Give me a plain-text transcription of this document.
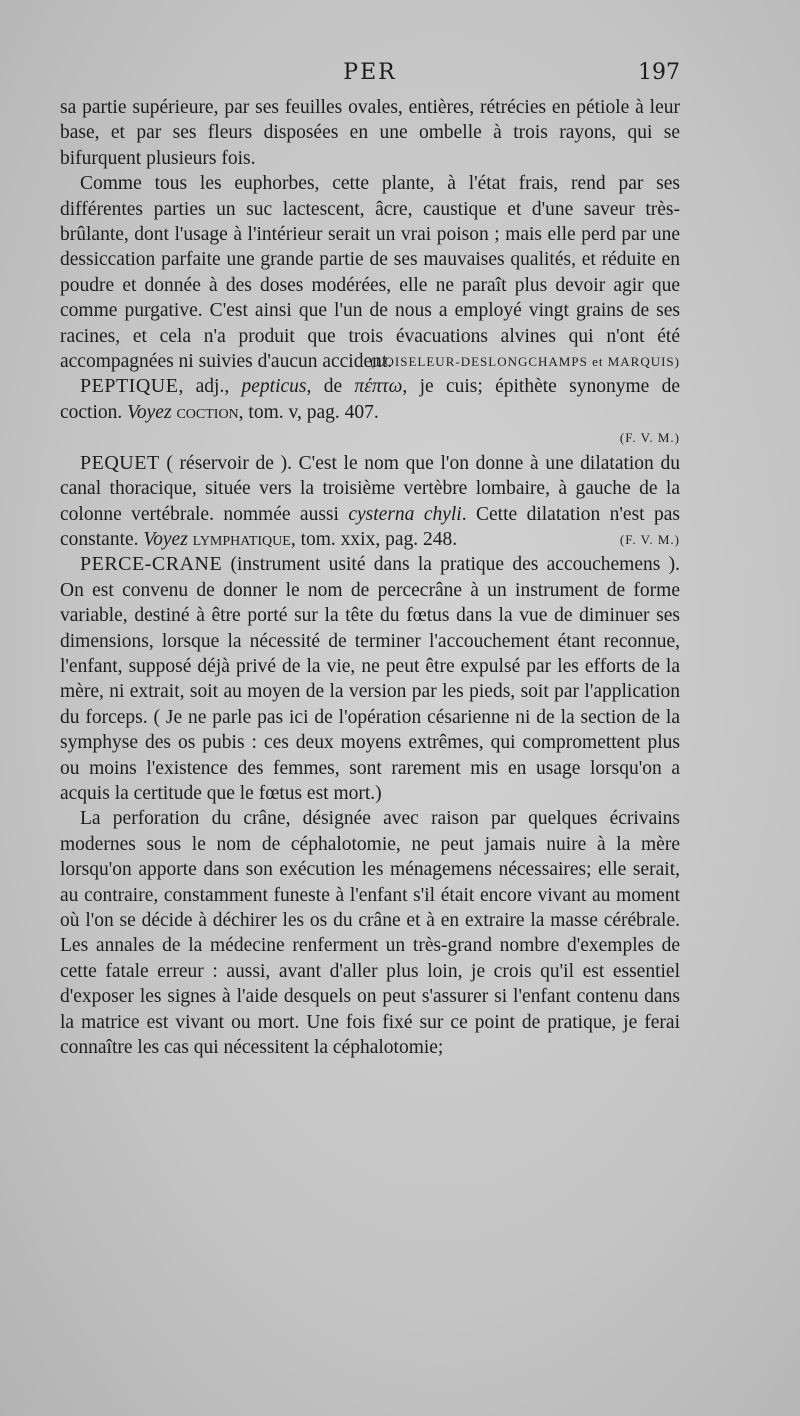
PER	197

sa partie supérieure, par ses feuilles ovales, entières, rétrécies en pétiole à leur base, et par ses fleurs disposées en une ombelle à trois rayons, qui se bifurquent plusieurs fois.

Comme tous les euphorbes, cette plante, à l'état frais, rend par ses différentes parties un suc lactescent, âcre, caustique et d'une saveur très-brûlante, dont l'usage à l'intérieur serait un vrai poison ; mais elle perd par une dessiccation parfaite une grande partie de ses mauvaises qualités, et réduite en poudre et donnée à des doses modérées, elle ne paraît plus devoir agir que comme purgative. C'est ainsi que l'un de nous a employé vingt grains de ses racines, et cela n'a produit que trois évacuations alvines qui n'ont été accompagnées ni suivies d'aucun accident.

(LOISELEUR-DESLONGCHAMPS et MARQUIS)

PEPTIQUE, adj., pepticus, de πέπτω, je cuis; épithète synonyme de coction. Voyez coction, tom. v, pag. 407.

(F. V. M.)

PEQUET ( réservoir de ). C'est le nom que l'on donne à une dilatation du canal thoracique, située vers la troisième vertèbre lombaire, à gauche de la colonne vertébrale. nommée aussi cysterna chyli. Cette dilatation n'est pas constante. Voyez lymphatique, tom. xxix, pag. 248.	(F. V. M.)

PERCE-CRANE (instrument usité dans la pratique des accouchemens ). On est convenu de donner le nom de percecrâne à un instrument de forme variable, destiné à être porté sur la tête du fœtus dans la vue de diminuer ses dimensions, lorsque la nécessité de terminer l'accouchement étant reconnue, l'enfant, supposé déjà privé de la vie, ne peut être expulsé par les efforts de la mère, ni extrait, soit au moyen de la version par les pieds, soit par l'application du forceps. ( Je ne parle pas ici de l'opération césarienne ni de la section de la symphyse des os pubis : ces deux moyens extrêmes, qui compromettent plus ou moins l'existence des femmes, sont rarement mis en usage lorsqu'on a acquis la certitude que le fœtus est mort.)

La perforation du crâne, désignée avec raison par quelques écrivains modernes sous le nom de céphalotomie, ne peut jamais nuire à la mère lorsqu'on apporte dans son exécution les ménagemens nécessaires; elle serait, au contraire, constamment funeste à l'enfant s'il était encore vivant au moment où l'on se décide à déchirer les os du crâne et à en extraire la masse cérébrale. Les annales de la médecine renferment un très-grand nombre d'exemples de cette fatale erreur : aussi, avant d'aller plus loin, je crois qu'il est essentiel d'exposer les signes à l'aide desquels on peut s'assurer si l'enfant contenu dans la matrice est vivant ou mort. Une fois fixé sur ce point de pratique, je ferai connaître les cas qui nécessitent la céphalotomie;
